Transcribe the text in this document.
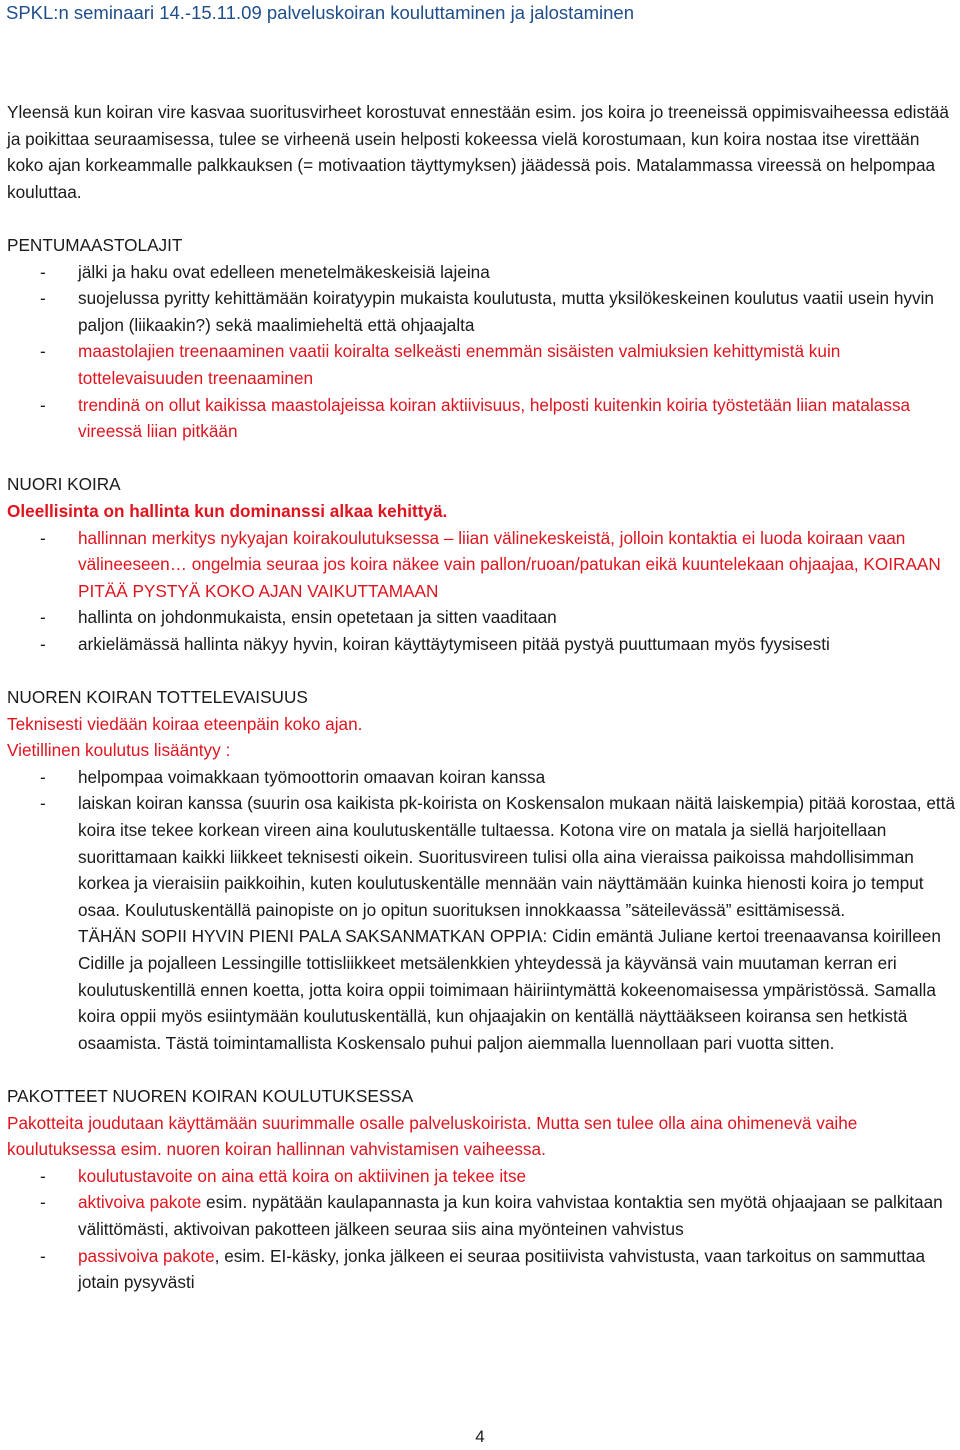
SPKL:n seminaari 14.-15.11.09 palveluskoiran kouluttaminen ja jalostaminen

Yleensä kun koiran vire kasvaa suoritusvirheet korostuvat ennestään esim. jos koira jo treeneissä oppimisvaiheessa edistää ja poikittaa seuraamisessa, tulee se virheenä usein helposti kokeessa vielä korostumaan, kun koira nostaa itse virettään koko ajan korkeammalle palkkauksen (= motivaation täyttymyksen) jäädessä pois. Matalammassa vireessä on helpompaa kouluttaa.

PENTUMAASTOLAJIT

- jälki ja haku ovat edelleen menetelmäkeskeisiä lajeina
- suojelussa pyritty kehittämään koiratyypin mukaista koulutusta, mutta yksilökeskeinen koulutus vaatii usein hyvin paljon (liikaakin?) sekä maalimieheltä että ohjaajalta
- maastolajien treenaaminen vaatii koiralta selkeästi enemmän sisäisten valmiuksien kehittymistä kuin tottelevaisuuden treenaaminen
- trendinä on ollut kaikissa maastolajeissa koiran aktiivisuus, helposti kuitenkin koiria työstetään liian matalassa vireessä liian pitkään

NUORI KOIRA

Oleellisinta on hallinta kun dominanssi alkaa kehittyä.

- hallinnan merkitys nykyajan koirakoulutuksessa – liian välinekeskeistä, jolloin kontaktia ei luoda koiraan vaan välineeseen… ongelmia seuraa jos koira näkee vain pallon/ruoan/patukan eikä kuuntelekaan ohjaajaa, KOIRAAN PITÄÄ PYSTYÄ KOKO AJAN VAIKUTTAMAAN
- hallinta on johdonmukaista, ensin opetetaan ja sitten vaaditaan
- arkielämässä hallinta näkyy hyvin, koiran käyttäytymiseen pitää pystyä puuttumaan myös fyysisesti

NUOREN KOIRAN TOTTELEVAISUUS

Teknisesti viedään koiraa eteenpäin koko ajan.

Vietillinen koulutus lisääntyy :

- helpompaa voimakkaan työmoottorin omaavan koiran kanssa
- laiskan koiran kanssa (suurin osa kaikista pk-koirista on Koskensalon mukaan näitä laiskempia) pitää korostaa, että koira itse tekee korkean vireen aina koulutuskentälle tultaessa. Kotona vire on matala ja siellä harjoitellaan suorittamaan kaikki liikkeet teknisesti oikein. Suoritusvireen tulisi olla aina vieraissa paikoissa mahdollisimman korkea ja vieraisiin paikkoihin, kuten koulutuskentälle mennään vain näyttämään kuinka hienosti koira jo temput osaa. Koulutuskentällä painopiste on jo opitun suorituksen innokkaassa ”säteilevässä” esittämisessä.
TÄHÄN SOPII HYVIN PIENI PALA SAKSANMATKAN OPPIA: Cidin emäntä Juliane kertoi treenaavansa koirilleen Cidille ja pojalleen Lessingille tottisliikkeet metsälenkkien yhteydessä ja käyvänsä vain muutaman kerran eri koulutuskentillä ennen koetta, jotta koira oppii toimimaan häiriintymättä kokeenomaisessa ympäristössä. Samalla koira oppii myös esiintymään koulutuskentällä, kun ohjaajakin on kentällä näyttääkseen koiransa sen hetkistä osaamista. Tästä toimintamallista Koskensalo puhui paljon aiemmalla luennollaan pari vuotta sitten.

PAKOTTEET NUOREN KOIRAN KOULUTUKSESSA

Pakotteita joudutaan käyttämään suurimmalle osalle palveluskoirista. Mutta sen tulee olla aina ohimenevä vaihe koulutuksessa esim. nuoren koiran hallinnan vahvistamisen vaiheessa.

- koulutustavoite on aina että koira on aktiivinen ja tekee itse
- aktivoiva pakote esim. nypätään kaulapannasta ja kun koira vahvistaa kontaktia sen myötä ohjaajaan se palkitaan välittömästi, aktivoivan pakotteen jälkeen seuraa siis aina myönteinen vahvistus
- passivoiva pakote, esim. EI-käsky, jonka jälkeen ei seuraa positiivista vahvistusta, vaan tarkoitus on sammuttaa jotain pysyvästi
4
